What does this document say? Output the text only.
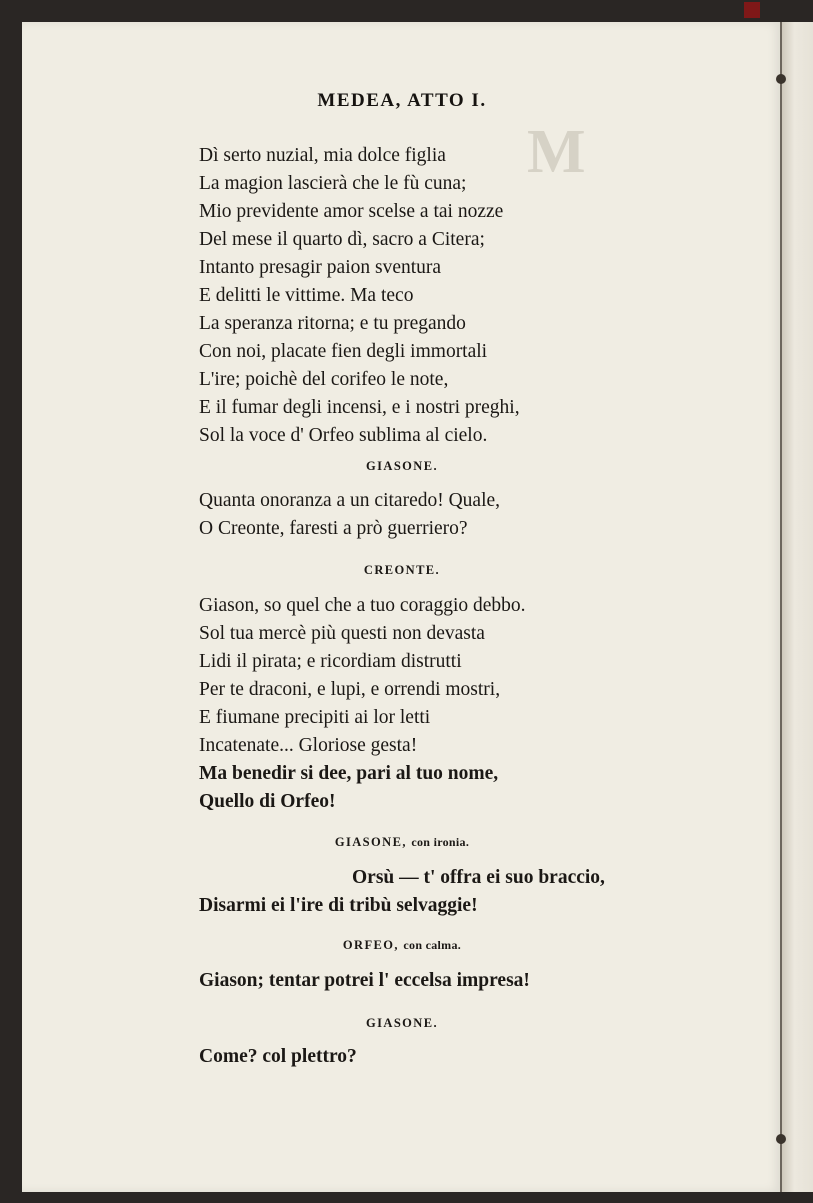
M
MEDEA, ATTO I.
Dì serto nuzial, mia dolce figlia
La magion lascierà che le fù cuna;
Mio previdente amor scelse a tai nozze
Del mese il quarto dì, sacro a Citera;
Intanto presagir paion sventura
E delitti le vittime. Ma teco
La speranza ritorna; e tu pregando
Con noi, placate fien degli immortali
L'ire; poichè del corifeo le note,
E il fumar degli incensi, e i nostri preghi,
Sol la voce d' Orfeo sublima al cielo.
GIASONE.
Quanta onoranza a un citaredo! Quale,
O Creonte, faresti a prò guerriero?
CREONTE.
Giason, so quel che a tuo coraggio debbo.
Sol tua mercè più questi non devasta
Lidi il pirata; e ricordiam distrutti
Per te draconi, e lupi, e orrendi mostri,
E fiumane precipiti ai lor letti
Incatenate... Gloriose gesta!
Ma benedir si dee, pari al tuo nome,
Quello di Orfeo!
GIASONE, con ironia.
Orsù — t' offra ei suo braccio,
Disarmi ei l'ire di tribù selvaggie!
ORFEO, con calma.
Giason; tentar potrei l' eccelsa impresa!
GIASONE.
Come? col plettro?
